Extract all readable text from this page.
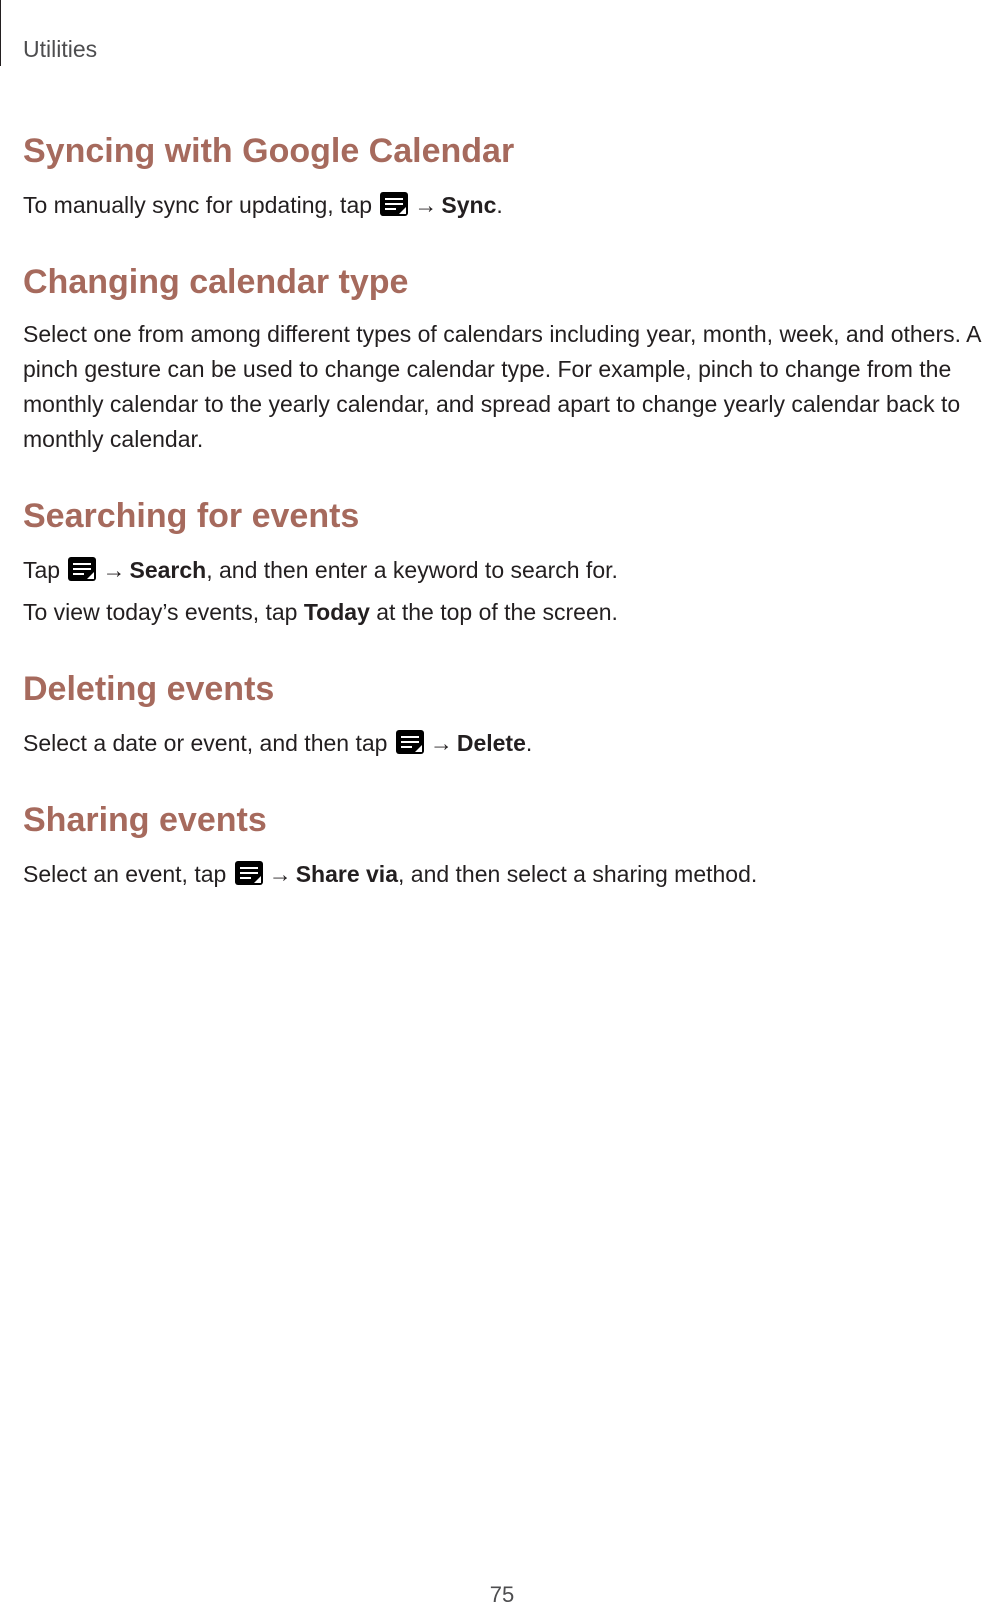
Utilities
Syncing with Google Calendar
To manually sync for updating, tap
→ Sync.
Changing calendar type
Select one from among different types of calendars including year, month, week, and others. A pinch gesture can be used to change calendar type. For example, pinch to change from the monthly calendar to the yearly calendar, and spread apart to change yearly calendar back to monthly calendar.
Searching for events
Tap
→ Search, and then enter a keyword to search for.
To view today’s events, tap Today at the top of the screen.
Deleting events
Select a date or event, and then tap
→ Delete.
Sharing events
Select an event, tap
→ Share via, and then select a sharing method.
75
